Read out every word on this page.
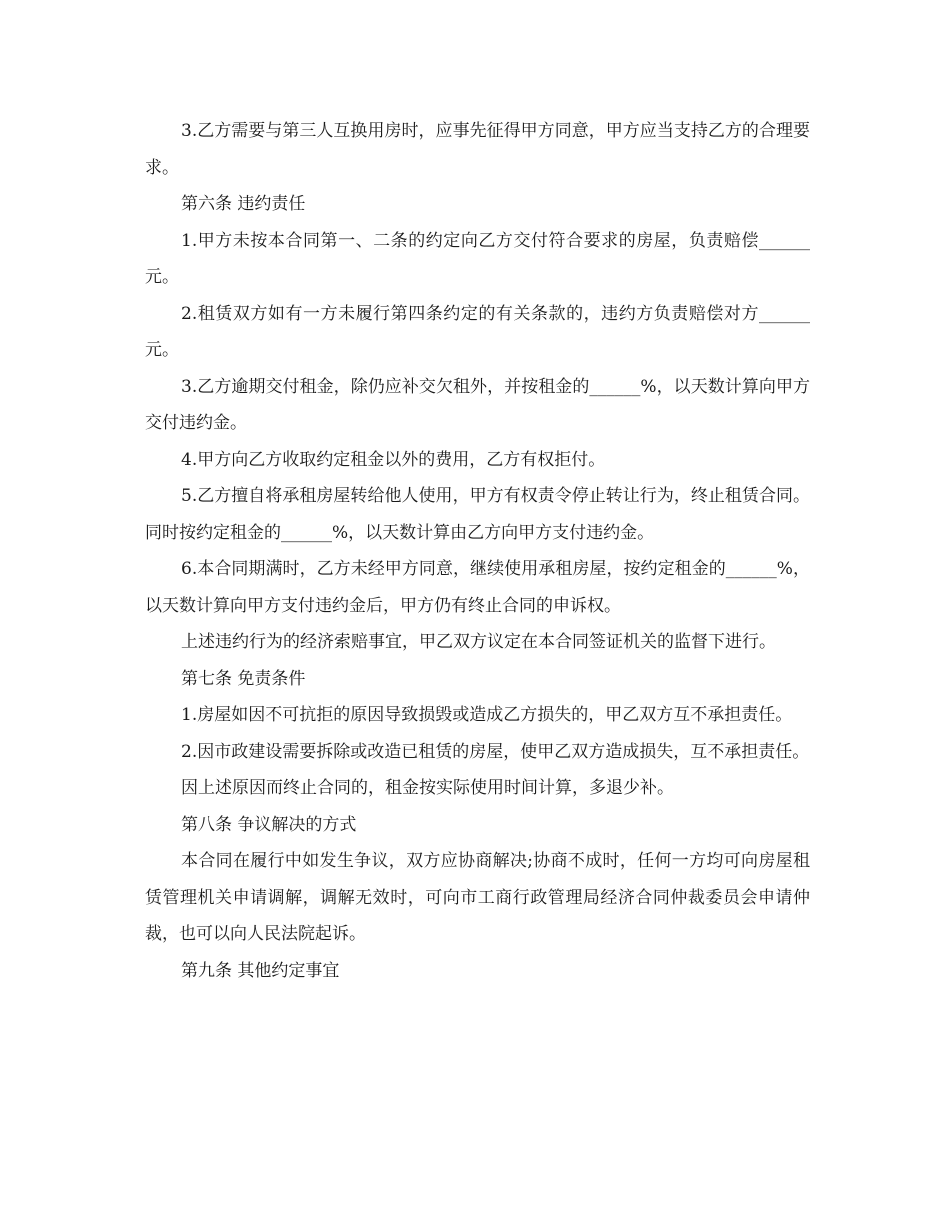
3.乙方需要与第三人互换用房时，应事先征得甲方同意，甲方应当支持乙方的合理要求。

第六条 违约责任

1.甲方未按本合同第一、二条的约定向乙方交付符合要求的房屋，负责赔偿______元。

2.租赁双方如有一方未履行第四条约定的有关条款的，违约方负责赔偿对方______元。

3.乙方逾期交付租金，除仍应补交欠租外，并按租金的______%，以天数计算向甲方交付违约金。

4.甲方向乙方收取约定租金以外的费用，乙方有权拒付。

5.乙方擅自将承租房屋转给他人使用，甲方有权责令停止转让行为，终止租赁合同。同时按约定租金的______%，以天数计算由乙方向甲方支付违约金。

6.本合同期满时，乙方未经甲方同意，继续使用承租房屋，按约定租金的______%，以天数计算向甲方支付违约金后，甲方仍有终止合同的申诉权。

上述违约行为的经济索赔事宜，甲乙双方议定在本合同签证机关的监督下进行。

第七条 免责条件

1.房屋如因不可抗拒的原因导致损毁或造成乙方损失的，甲乙双方互不承担责任。

2.因市政建设需要拆除或改造已租赁的房屋，使甲乙双方造成损失，互不承担责任。

因上述原因而终止合同的，租金按实际使用时间计算，多退少补。

第八条 争议解决的方式

本合同在履行中如发生争议，双方应协商解决;协商不成时，任何一方均可向房屋租赁管理机关申请调解，调解无效时，可向市工商行政管理局经济合同仲裁委员会申请仲裁，也可以向人民法院起诉。

第九条 其他约定事宜
